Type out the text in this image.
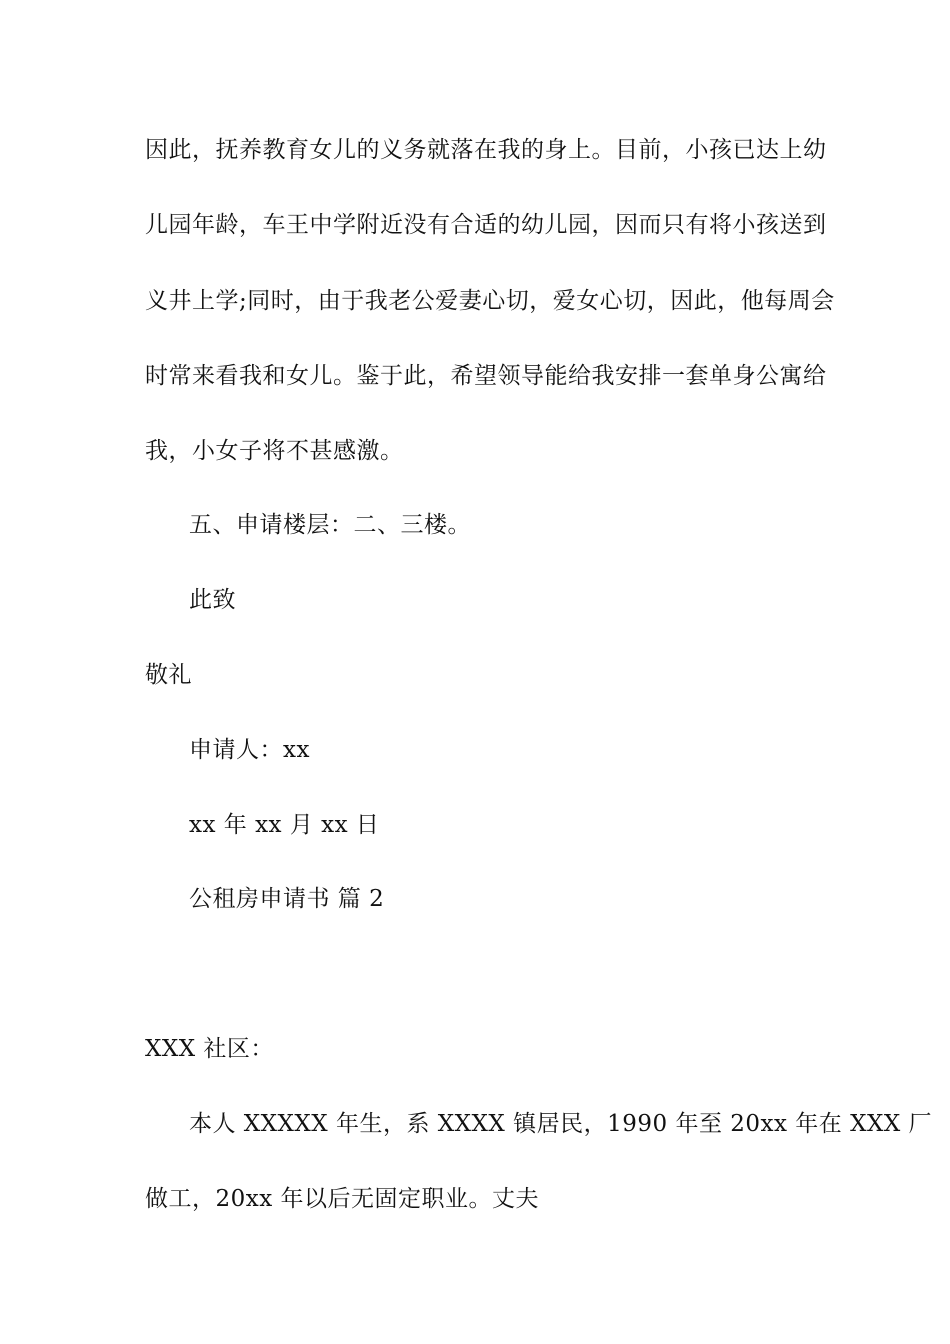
因此，抚养教育女儿的义务就落在我的身上。目前，小孩已达上幼
儿园年龄，车王中学附近没有合适的幼儿园，因而只有将小孩送到
义井上学;同时，由于我老公爱妻心切，爱女心切，因此，他每周会
时常来看我和女儿。鉴于此，希望领导能给我安排一套单身公寓给
我，小女子将不甚感激。
五、申请楼层：二、三楼。
此致
敬礼
申请人：xx
xx 年 xx 月 xx 日
公租房申请书 篇 2
XXX 社区：
本人 XXXXX 年生，系 XXXX 镇居民，1990 年至 20xx 年在 XXX 厂
做工，20xx 年以后无固定职业。丈夫
